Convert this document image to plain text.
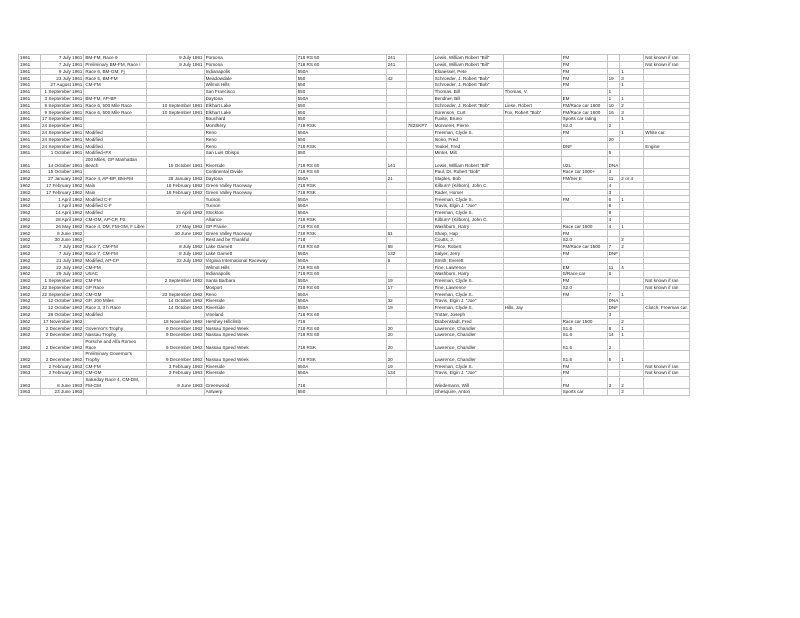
1961	7 July 1961	BM-FM, Race 9	9 July 1961	Pomona	718 RS 60	241		Lewis, William Robert "Bill"		FM			Not known if ran
1961	7 July 1961	Preliminary BM-FM, Race I	9 July 1961	Pomona	718 RS 60	241		Lewis, William Robert "Bill"		FM			Not known if ran
1961	9 July 1961	Race 6, BM-GM, Fj		Indianapolis	550A			Eloaesser, Pete		FM		1	
1961	23 July 1961	Race 5, BM-FM		Meadowdale	550	42		Schroeder, J. Robert "Bob"		FM	19	3	
1961	27 August 1961	CM-FM		Wilmot Hills	550			Schroeder, J. Robert "Bob"		FM		1	
1961	1 September 1961			San Francisco	550			Thomas, Bill	Thomas, V.		1		
1961	3 September 1961	BM-FM, AP-BP		Daytona	550A			Bendner, Bill		EM	1	1	
1961	9 September 1961	Race 6, 500 Mile Race	10 September 1961	Elkhart Lake	550			Schroeder, J. Robert "Bob"	Liese, Robert	FM/Race car 1600	10	2	
1961	9 September 1961	Race 6, 500 Mile Race	10 September 1961	Elkhart Lake	550			Sorenson, Curt	Fox, Robert "Bob"	FM/Race car 1600	16	3	
1961	17 September 1961			Bouchard	550			Fuxite, Bruno		Sports car rating		1	
1961	24 September 1961			Montlhéry	718 RSK		782SKP7	Monneret, Pierre		S2.0	2		
1961	24 September 1961	Modified		Reno	550A			Freeman, Clyde S.		FM		1	White car.
1961	24 September 1961	Modified		Reno	550			Isono, Fred			20		
1961	24 September 1961	Modified		Reno	718 RSK			Yeakel, Fred		DNF			Engine
1961	1 October 1961	Modified+FX		San Luis Obispo	550			Minter, Milt			5		
1961	14 October 1961	200 Miles, GP Manhattan Beach	15 October 1961	Riverside	718 RS 60	141		Lewis, William Robert "Bill"		U2L	DNA		
1961	15 October 1961			Continental Divide	718 RS 60			Paul, Dr. Robert "Bob"		Race car 1000+	3		
1962	27 January 1962	Race 4, AP-BP, BM-FM	28 January 1962	Daytona	550A	21		Staples, Bob		FM/Ser E	11	2 or 4	
1962	17 February 1962	Main	18 February 1962	Green Valley Raceway	718 RSK			Kilburn* (Kilborn), John C.			4		
1962	17 February 1962	Main	18 February 1962	Green Valley Raceway	718 RSK			Rader, Homer			3		
1962	1 April 1962	Modified C-F		Tucson	550A			Freeman, Clyde S.		FM	6	1	
1962	1 April 1962	Modified C-F		Tucson	550A			Travis, Elgin J. "Joe"			8		
1962	14 April 1962	Modified	15 April 1962	Stockton	550A			Freeman, Clyde S.			8		
1962	28 April 1962	CM-GM, AP-CP, Ftr.		Alliance	718 RSK			Kilburn* (Kilborn), John C.			4		
1962	26 May 1962	Race 4, DM, FM-GM, F Libre	27 May 1962	GP Prairie	718 RS 60			Washburn, Harry		Race car 1500	4	1	
1962	9 June 1962		10 June 1962	Green Valley Raceway	718 RSK	61		Sharp, Hap		FM			
1962	30 June 1962			Rest and be Thankful	718			Coutts, J.		S2.0		2	
1962	7 July 1962	Race 7, CM-FM	8 July 1962	Lake Garnett	718 RS 60	68		Price, Robert		FM/Race car 1500	7	2	
1962	7 July 1962	Race 7, CM-FM	8 July 1962	Lake Garnett	550A	132		Salyer, Jerry		FM	DNF		
1962	21 July 1962	Modified, AP-CP	22 July 1962	Virginia International Raceway	550A	9		Smith, Everett					
1962	22 July 1962	CM-FM		Wilmot Hills	718 RS 60			Fine, Lawrence		EM	11	4	
1962	29 July 1962	USAC		Indianapolis	718 RS 60			Washburn, Harry		S/Race car	6		
1962	1 September 1962	CM-FM	2 September 1962	Santa Barbara	550A	19		Freeman, Clyde S.		FM			Not known if ran
1962	22 September 1962	GP Race		Mosport	718 RS 60	17		Fine, Lawrence		S2.0			Not known if ran
1962	22 September 1962	CM-GM	23 September 1962	Reno	550A			Freeman, Clyde S.		FM	7	1	
1962	12 October 1962	GP, 200 Miles	14 October 1962	Riverside	550A	32		Travis, Elgin J. "Joe"			DNA		
1962	12 October 1962	Race 3, 3 h Race	14 October 1962	Riverside	550A	19		Freeman, Clyde S.	Hills, Jay		DNF		Clutch, Freeman car.
1962	28 October 1962	Modified		Vineland	718 RS 60			Trotter, Joseph			3		
1962	17 November 1962		18 November 1962	Hershey Hillclimb	718			Drabenstadt, Fred		Race car 1500		2	
1962	2 December 1962	Governor's Trophy	9 December 1962	Nassau Speed Week	718 RS 60	20		Lawrence, Chandler		S1.6	8	1	
1962	2 December 1962	Nassau Trophy	9 December 1962	Nassau Speed Week	718 RS 60	20		Lawrence, Chandler		S1.6	14	1	
1962	2 December 1962	Porsche and Alfa Romeo Race	9 December 1962	Nassau Speed Week	718 RSK	20		Lawrence, Chandler		S1.6	2		
1962	2 December 1962	Preliminary Governor's Trophy	9 December 1962	Nassau Speed Week	718 RSK	20		Lawrence, Chandler		S1.6	5	1	
1963	2 February 1963	CM-FM	3 February 1963	Riverside	550A	19		Freeman, Clyde S.		FM			Not known if ran
1963	2 February 1963	CM-GM	3 February 1963	Riverside	550A	134		Travis, Elgin J. "Joe"		FM			Not known if ran
1963	8 June 1963	Saturday Race 4, CM-DM, FM-GM	9 June 1963	Greenwood	718			Wiedemann, Will		FM	3	2	
1963	23 June 1963			Antwerp	550			Ghesquire, Anton		Sports car		2	
